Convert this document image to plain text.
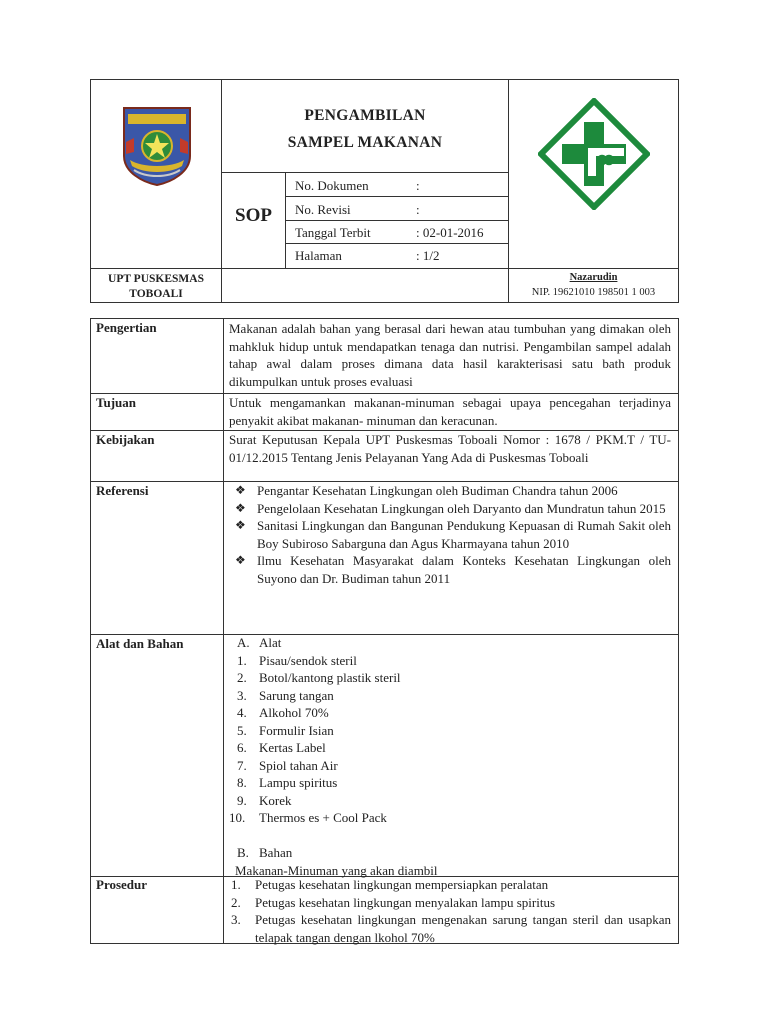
PENGAMBILAN
SAMPEL MAKANAN
SOP
No. Dokumen	:
No. Revisi	:
Tanggal Terbit	: 02-01-2016
Halaman	: 1/2
UPT PUSKESMAS
TOBOALI
Nazarudin
NIP. 19621010 198501 1 003
Pengertian	Makanan adalah bahan yang berasal dari hewan atau tumbuhan yang dimakan oleh mahkluk hidup untuk mendapatkan tenaga dan nutrisi. Pengambilan sampel adalah tahap awal dalam proses dimana data hasil karakterisasi satu bath produk dikumpulkan untuk proses evaluasi
Tujuan	Untuk mengamankan makanan-minuman sebagai upaya pencegahan terjadinya penyakit akibat makanan- minuman dan keracunan.
Kebijakan	Surat Keputusan Kepala UPT Puskesmas Toboali Nomor : 1678 / PKM.T / TU-01/12.2015 Tentang Jenis Pelayanan Yang Ada di Puskesmas Toboali
Referensi	❖ Pengantar Kesehatan Lingkungan oleh Budiman Chandra tahun 2006
❖ Pengelolaan Kesehatan Lingkungan oleh Daryanto dan Mundratun tahun 2015
❖ Sanitasi Lingkungan dan Bangunan Pendukung Kepuasan di Rumah Sakit oleh Boy Subiroso Sabarguna dan Agus Kharmayana tahun 2010
❖ Ilmu Kesehatan Masyarakat dalam Konteks Kesehatan Lingkungan oleh Suyono dan Dr. Budiman tahun 2011
Alat dan Bahan	A. Alat
1. Pisau/sendok steril
2. Botol/kantong plastik steril
3. Sarung tangan
4. Alkohol 70%
5. Formulir Isian
6. Kertas Label
7. Spiol tahan Air
8. Lampu spiritus
9. Korek
10. Thermos es + Cool Pack
B. Bahan
Makanan-Minuman yang akan diambil
Prosedur	1. Petugas kesehatan lingkungan mempersiapkan peralatan
2. Petugas kesehatan lingkungan menyalakan lampu spiritus
3. Petugas kesehatan lingkungan mengenakan sarung tangan steril dan usapkan telapak tangan dengan lkohol 70%
